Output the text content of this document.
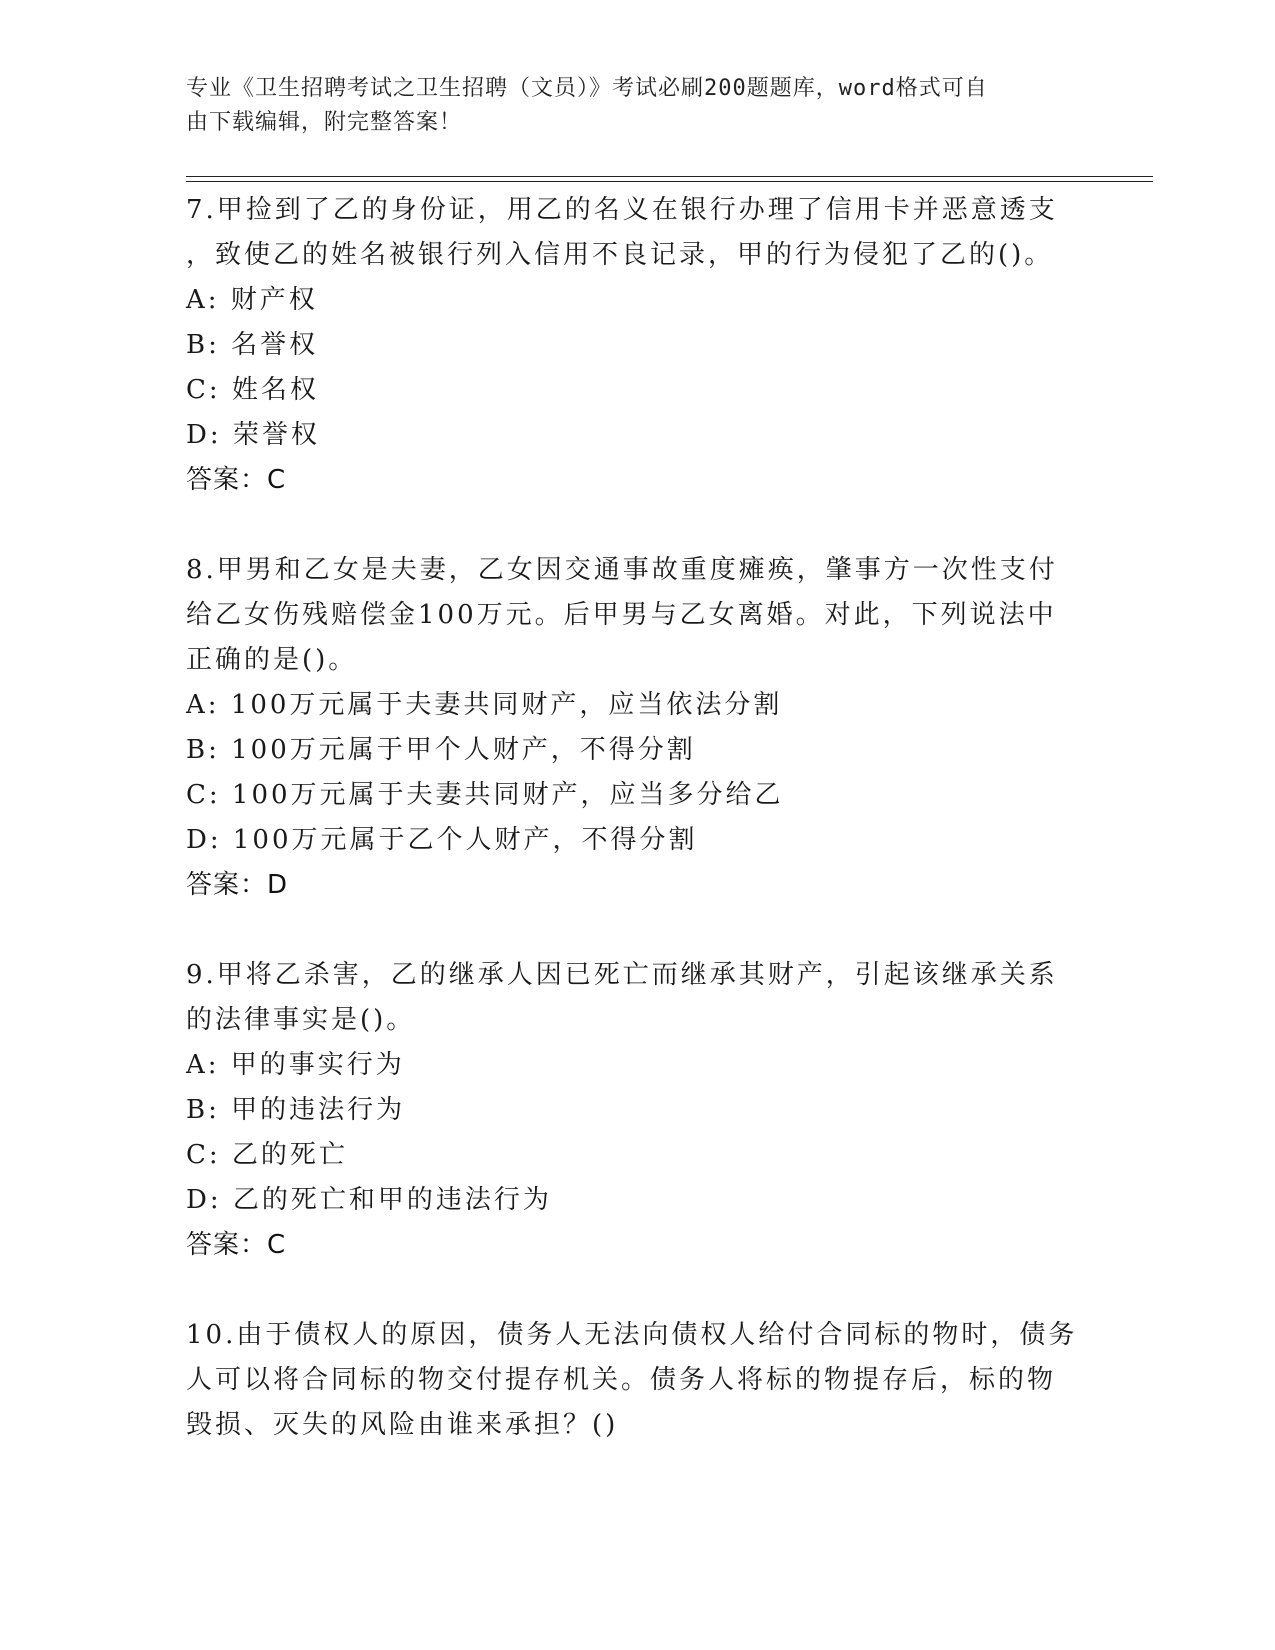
专业《卫生招聘考试之卫生招聘（文员）》考试必刷200题题库，word格式可自
由下载编辑，附完整答案！
7.甲捡到了乙的身份证，用乙的名义在银行办理了信用卡并恶意透支
，致使乙的姓名被银行列入信用不良记录，甲的行为侵犯了乙的()。
A: 财产权
B: 名誉权
C: 姓名权
D: 荣誉权
答案：C
8.甲男和乙女是夫妻，乙女因交通事故重度瘫痪，肇事方一次性支付
给乙女伤残赔偿金100万元。后甲男与乙女离婚。对此，下列说法中
正确的是()。
A: 100万元属于夫妻共同财产，应当依法分割
B: 100万元属于甲个人财产，不得分割
C: 100万元属于夫妻共同财产，应当多分给乙
D: 100万元属于乙个人财产，不得分割
答案：D
9.甲将乙杀害，乙的继承人因已死亡而继承其财产，引起该继承关系
的法律事实是()。
A: 甲的事实行为
B: 甲的违法行为
C: 乙的死亡
D: 乙的死亡和甲的违法行为
答案：C
10.由于债权人的原因，债务人无法向债权人给付合同标的物时，债务
人可以将合同标的物交付提存机关。债务人将标的物提存后，标的物
毁损、灭失的风险由谁来承担？()
